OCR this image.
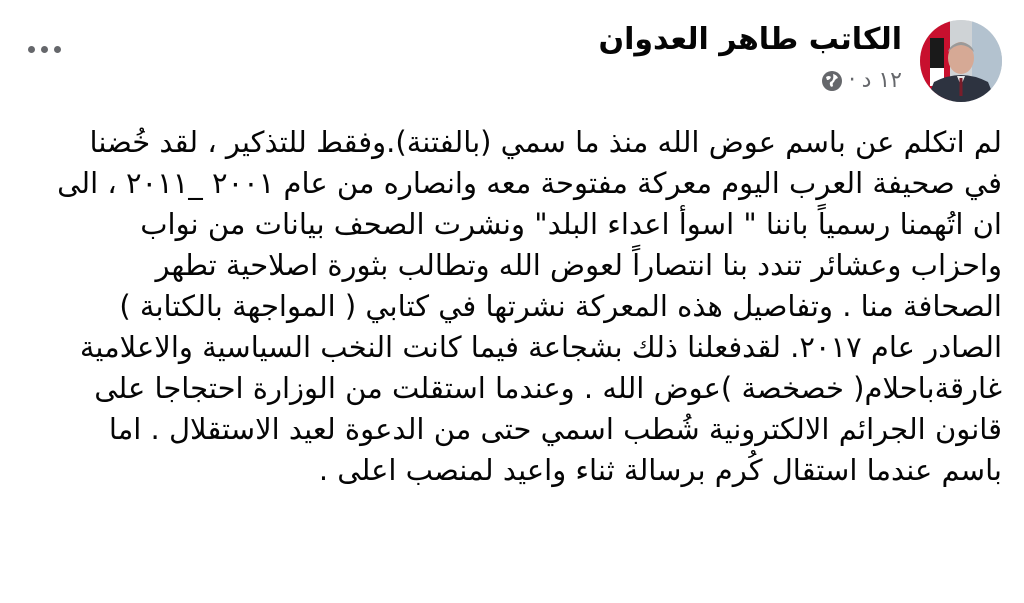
الكاتب طاهر العدوان
١٢ د
·
لم اتكلم عن باسم عوض الله منذ ما سمي (بالفتنة).وفقط للتذكير ، لقد خُضنا
في صحيفة العرب اليوم معركة مفتوحة معه وانصاره من عام ٢٠٠١ _٢٠١١ ، الى
ان اتُهمنا رسمياً باننا " اسوأ اعداء البلد" ونشرت الصحف بيانات من نواب
واحزاب وعشائر تندد بنا انتصاراً لعوض الله وتطالب بثورة اصلاحية تطهر
الصحافة منا . وتفاصيل هذه المعركة نشرتها في كتابي ( المواجهة بالكتابة )
الصادر عام ٢٠١٧. لقدفعلنا ذلك بشجاعة فيما كانت النخب السياسية والاعلامية
غارقةباحلام( خصخصة )عوض الله . وعندما استقلت من الوزارة احتجاجا على
قانون الجرائم الالكترونية شُطب اسمي حتى من الدعوة لعيد الاستقلال . اما
باسم عندما استقال كُرم برسالة ثناء واعيد لمنصب اعلى .
